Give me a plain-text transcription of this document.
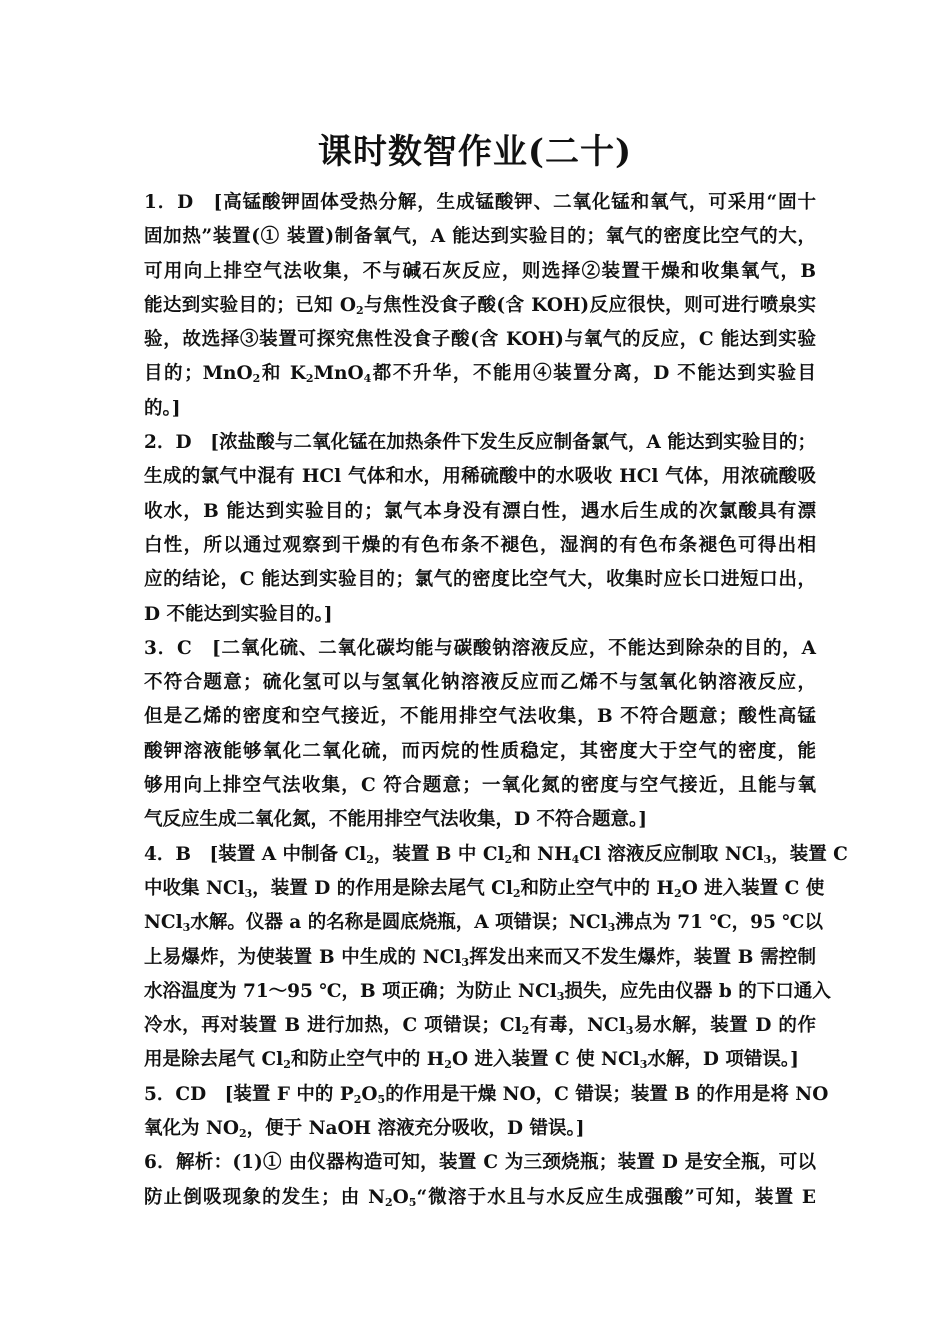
课时数智作业(二十)
1．D　[高锰酸钾固体受热分解，生成锰酸钾、二氧化锰和氧气，可采用“固十
固加热”装置(① 装置)制备氧气，A 能达到实验目的；氧气的密度比空气的大，
可用向上排空气法收集，不与碱石灰反应，则选择②装置干燥和收集氧气，B
能达到实验目的；已知 $O_2$与焦性没食子酸(含 KOH)反应很快，则可进行喷泉实
验，故选择③装置可探究焦性没食子酸(含 KOH)与氧气的反应，C 能达到实验
目的；MnO$_2$和 $K_2MnO_4$都不升华，不能用④装置分离，D 不能达到实验目
的。]
2．D　[浓盐酸与二氧化锰在加热条件下发生反应制备氯气，A 能达到实验目的；
生成的氯气中混有 HCl 气体和水，用稀硫酸中的水吸收 HCl 气体，用浓硫酸吸
收水，B 能达到实验目的；氯气本身没有漂白性，遇水后生成的次氯酸具有漂
白性，所以通过观察到干燥的有色布条不褪色，湿润的有色布条褪色可得出相
应的结论，C 能达到实验目的；氯气的密度比空气大，收集时应长口进短口出，
D 不能达到实验目的。]
3．C　[二氧化硫、二氧化碳均能与碳酸钠溶液反应，不能达到除杂的目的，A
不符合题意；硫化氢可以与氢氧化钠溶液反应而乙烯不与氢氧化钠溶液反应，
但是乙烯的密度和空气接近，不能用排空气法收集，B 不符合题意；酸性高锰
酸钾溶液能够氧化二氧化硫，而丙烷的性质稳定，其密度大于空气的密度，能
够用向上排空气法收集，C 符合题意；一氧化氮的密度与空气接近，且能与氧
气反应生成二氧化氮，不能用排空气法收集，D 不符合题意。]
4．B　[装置 A 中制备 $Cl_2$，装置 B 中 $Cl_2$和 $NH_4Cl$ 溶液反应制取 NCl$_3$，装置 C
中收集 NCl$_3$，装置 D 的作用是除去尾气 $Cl_2$和防止空气中的 $H_2O$ 进入装置 C 使
NCl$_3$水解。仪器 a 的名称是圆底烧瓶，A 项错误；NCl$_3$沸点为 71 ℃，95 ℃以
上易爆炸，为使装置 B 中生成的 NCl$_3$挥发出来而又不发生爆炸，装置 B 需控制
水浴温度为 71～95 ℃，B 项正确；为防止 NCl$_3$损失，应先由仪器 b 的下口通入
冷水，再对装置 B 进行加热，C 项错误；$Cl_2$有毒，NCl$_3$易水解，装置 D 的作
用是除去尾气 $Cl_2$和防止空气中的 $H_2O$ 进入装置 C 使 NCl$_3$水解，D 项错误。]
5．CD　[装置 F 中的 $P_2O_5$的作用是干燥 NO，C 错误；装置 B 的作用是将 NO
氧化为 $NO_2$，便于 NaOH 溶液充分吸收，D 错误。]
6．解析：(1)① 由仪器构造可知，装置 C 为三颈烧瓶；装置 D 是安全瓶，可以
防止倒吸现象的发生；由 $N_2O_5“$微溶于水且与水反应生成强酸”可知，装置 E
